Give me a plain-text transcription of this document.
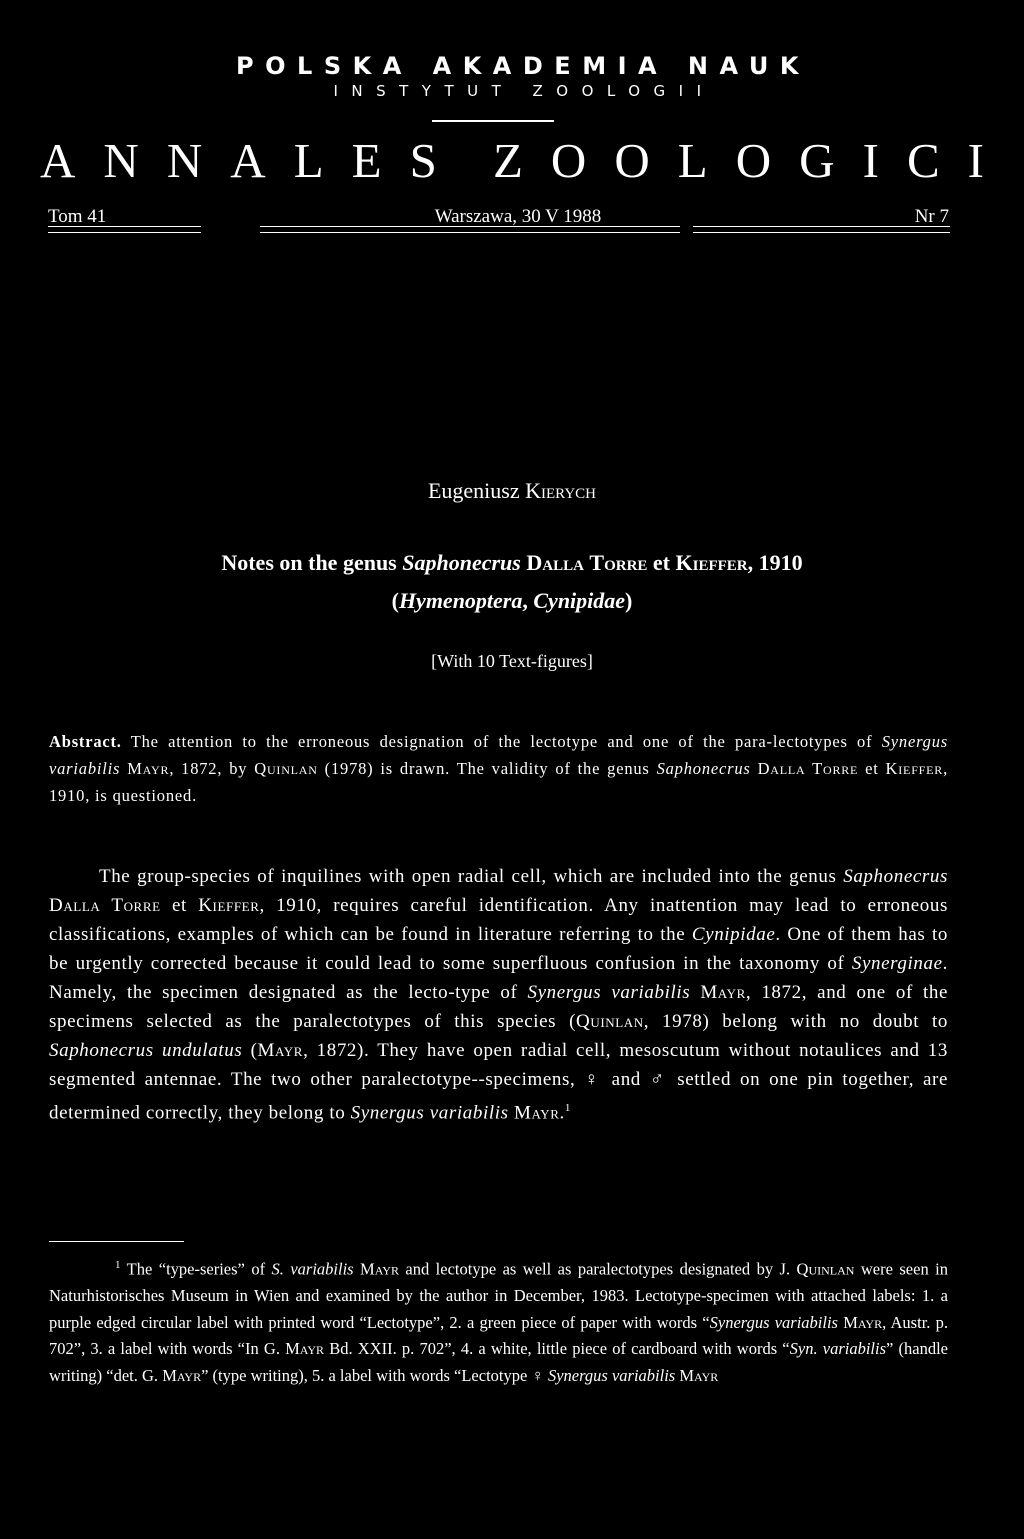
POLSKA AKADEMIA NAUK
INSTYTUT ZOOLOGII
A N N A L E S Z O O L O G I C I
Tom 41	Warszawa, 30 V 1988	Nr 7
Eugeniusz Kierych
Notes on the genus Saphonecrus Dalla Torre et Kieffer, 1910
(Hymenoptera, Cynipidae)
[With 10 Text-figures]
Abstract. The attention to the erroneous designation of the lectotype and one of the para-lectotypes of Synergus variabilis Mayr, 1872, by Quinlan (1978) is drawn. The validity of the genus Saphonecrus Dalla Torre et Kieffer, 1910, is questioned.
The group-species of inquilines with open radial cell, which are included into the genus Saphonecrus Dalla Torre et Kieffer, 1910, requires careful identification. Any inattention may lead to erroneous classifications, examples of which can be found in literature referring to the Cynipidae. One of them has to be urgently corrected because it could lead to some superfluous confusion in the taxonomy of Synerginae. Namely, the specimen designated as the lecto-type of Synergus variabilis Mayr, 1872, and one of the specimens selected as the paralectotypes of this species (Quinlan, 1978) belong with no doubt to Saphonecrus undulatus (Mayr, 1872). They have open radial cell, mesoscutum without notaulices and 13 segmented antennae. The two other paralectotype--specimens, ♀ and ♂ settled on one pin together, are determined correctly, they belong to Synergus variabilis Mayr.$^1$
$^1$ The “type-series” of S. variabilis Mayr and lectotype as well as paralectotypes designated by J. Quinlan were seen in Naturhistorisches Museum in Wien and examined by the author in December, 1983. Lectotype-specimen with attached labels: 1. a purple edged circular label with printed word “Lectotype”, 2. a green piece of paper with words “Synergus variabilis Mayr, Austr. p. 702”, 3. a label with words “In G. Mayr Bd. XXII. p. 702”, 4. a white, little piece of cardboard with words “Syn. variabilis” (handle writing) “det. G. Mayr” (type writing), 5. a label with words “Lectotype ♀ Synergus variabilis Mayr
